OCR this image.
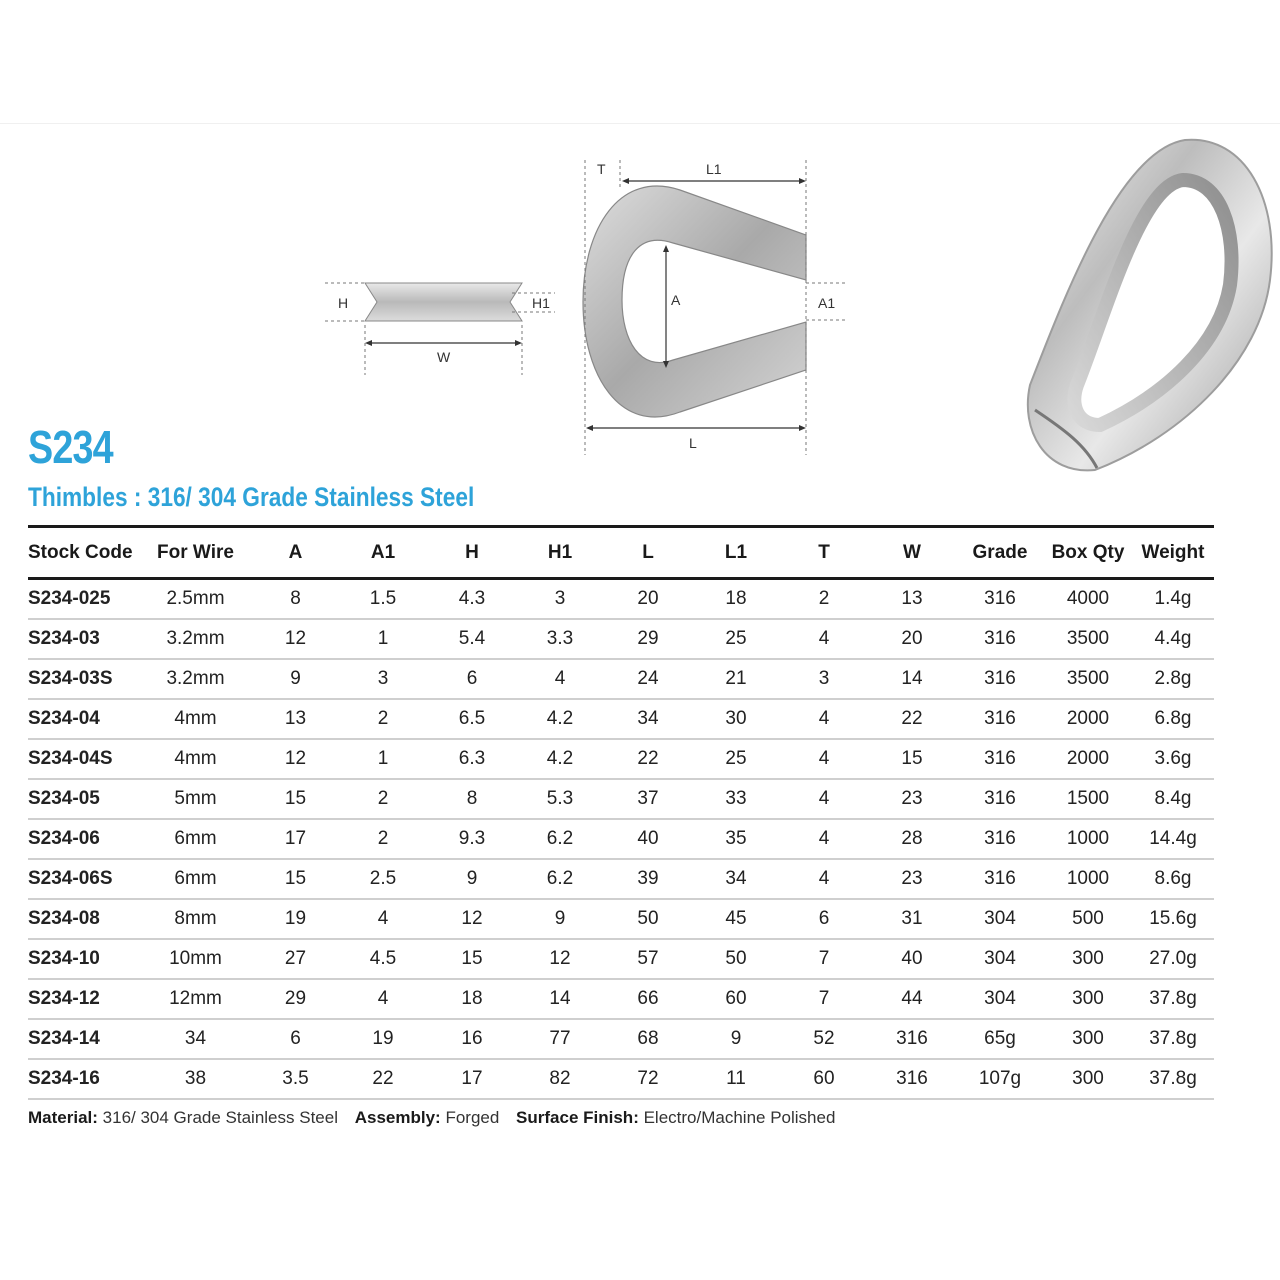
H	H1
W
T	L1
A	A1
L
S234
Thimbles : 316/ 304 Grade Stainless Steel
Stock Code	For Wire	A	A1	H	H1	L	L1	T	W	Grade	Box Qty	Weight
S234-025	2.5mm	8	1.5	4.3	3	20	18	2	13	316	4000	1.4g
S234-03	3.2mm	12	1	5.4	3.3	29	25	4	20	316	3500	4.4g
S234-03S	3.2mm	9	3	6	4	24	21	3	14	316	3500	2.8g
S234-04	4mm	13	2	6.5	4.2	34	30	4	22	316	2000	6.8g
S234-04S	4mm	12	1	6.3	4.2	22	25	4	15	316	2000	3.6g
S234-05	5mm	15	2	8	5.3	37	33	4	23	316	1500	8.4g
S234-06	6mm	17	2	9.3	6.2	40	35	4	28	316	1000	14.4g
S234-06S	6mm	15	2.5	9	6.2	39	34	4	23	316	1000	8.6g
S234-08	8mm	19	4	12	9	50	45	6	31	304	500	15.6g
S234-10	10mm	27	4.5	15	12	57	50	7	40	304	300	27.0g
S234-12	12mm	29	4	18	14	66	60	7	44	304	300	37.8g
S234-14	34	6	19	16	77	68	9	52	316	65g	300	37.8g
S234-16	38	3.5	22	17	82	72	11	60	316	107g	300	37.8g
Material: 316/ 304 Grade Stainless Steel Assembly: Forged Surface Finish: Electro/Machine Polished
